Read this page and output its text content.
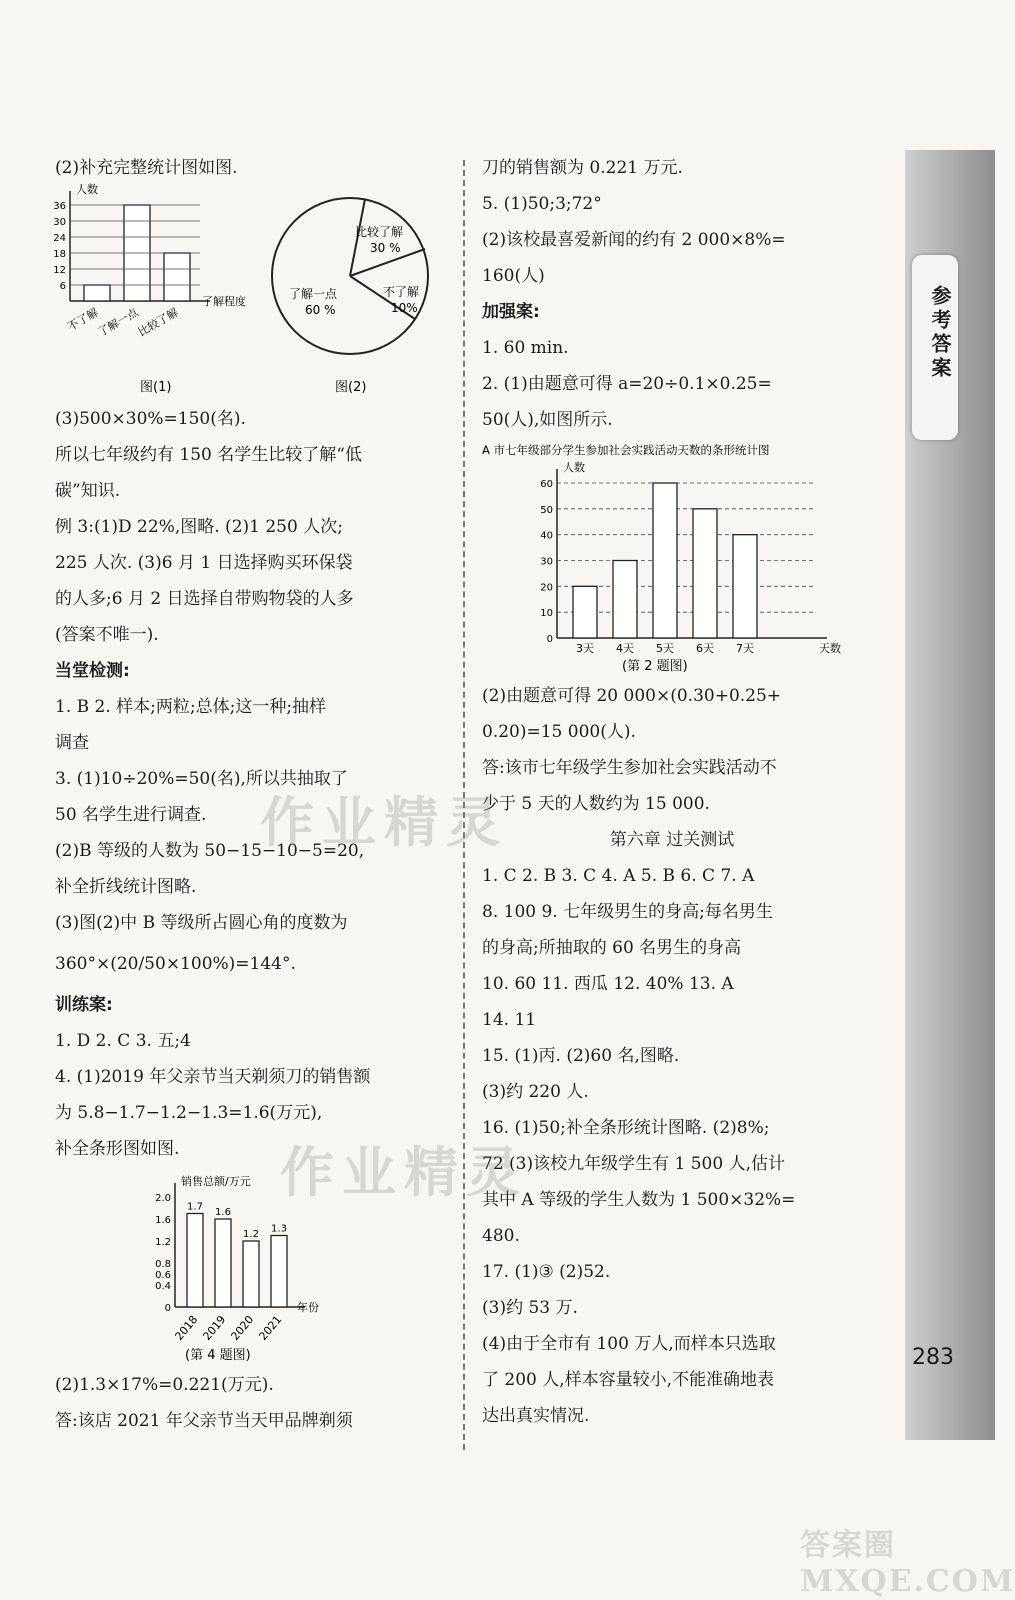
参考答案
283
(2)补充完整统计图如图.
人数
6
12
18
24
30
36
不了解
了解一点
比较了解
了解程度
比较了解
30 %
了解一点
60 %
不了解
10%
图(1)	图(2)
(3)500×30%=150(名).
所以七年级约有 150 名学生比较了解“低
碳”知识.
例 3:(1)D 22%,图略. (2)1 250 人次;
225 人次. (3)6 月 1 日选择购买环保袋
的人多;6 月 2 日选择自带购物袋的人多
(答案不唯一).
当堂检测:
1. B 2. 样本;两粒;总体;这一种;抽样
调查
3. (1)10÷20%=50(名),所以共抽取了
50 名学生进行调查.
(2)B 等级的人数为 50−15−10−5=20,
补全折线统计图略.
(3)图(2)中 B 等级所占圆心角的度数为
360°×(20/50×100%)=144°.
训练案:
1. D 2. C 3. 五;4
4. (1)2019 年父亲节当天剃须刀的销售额
为 5.8−1.7−1.2−1.3=1.6(万元),
补全条形图如图.
销售总额/万元
0
0.4
0.6
0.8
1.2
1.6
2.0
1.7
2018
1.6
2019
1.2
2020
1.3
2021
年份
(第 4 题图)
(2)1.3×17%=0.221(万元).
答:该店 2021 年父亲节当天甲品牌剃须
刀的销售额为 0.221 万元.
5. (1)50;3;72°
(2)该校最喜爱新闻的约有 2 000×8%=
160(人)
加强案:
1. 60 min.
2. (1)由题意可得 a=20÷0.1×0.25=
50(人),如图所示.
A 市七年级部分学生参加社会实践活动天数的条形统计图
人数
0
10
20
30
40
50
60
3天 4天 5天 6天 7天	天数
(第 2 题图)
(2)由题意可得 20 000×(0.30+0.25+
0.20)=15 000(人).
答:该市七年级学生参加社会实践活动不
少于 5 天的人数约为 15 000.
第六章 过关测试
1. C 2. B 3. C 4. A 5. B 6. C 7. A
8. 100 9. 七年级男生的身高;每名男生
的身高;所抽取的 60 名男生的身高
10. 60 11. 西瓜 12. 40% 13. A
14. 11
15. (1)丙. (2)60 名,图略.
(3)约 220 人.
16. (1)50;补全条形统计图略. (2)8%;
72 (3)该校九年级学生有 1 500 人,估计
其中 A 等级的学生人数为 1 500×32%=
480.
17. (1)③ (2)52.
(3)约 53 万.
(4)由于全市有 100 万人,而样本只选取
了 200 人,样本容量较小,不能准确地表
达出真实情况.
作业精灵
作业精灵
答案圈 MXQE.COM
